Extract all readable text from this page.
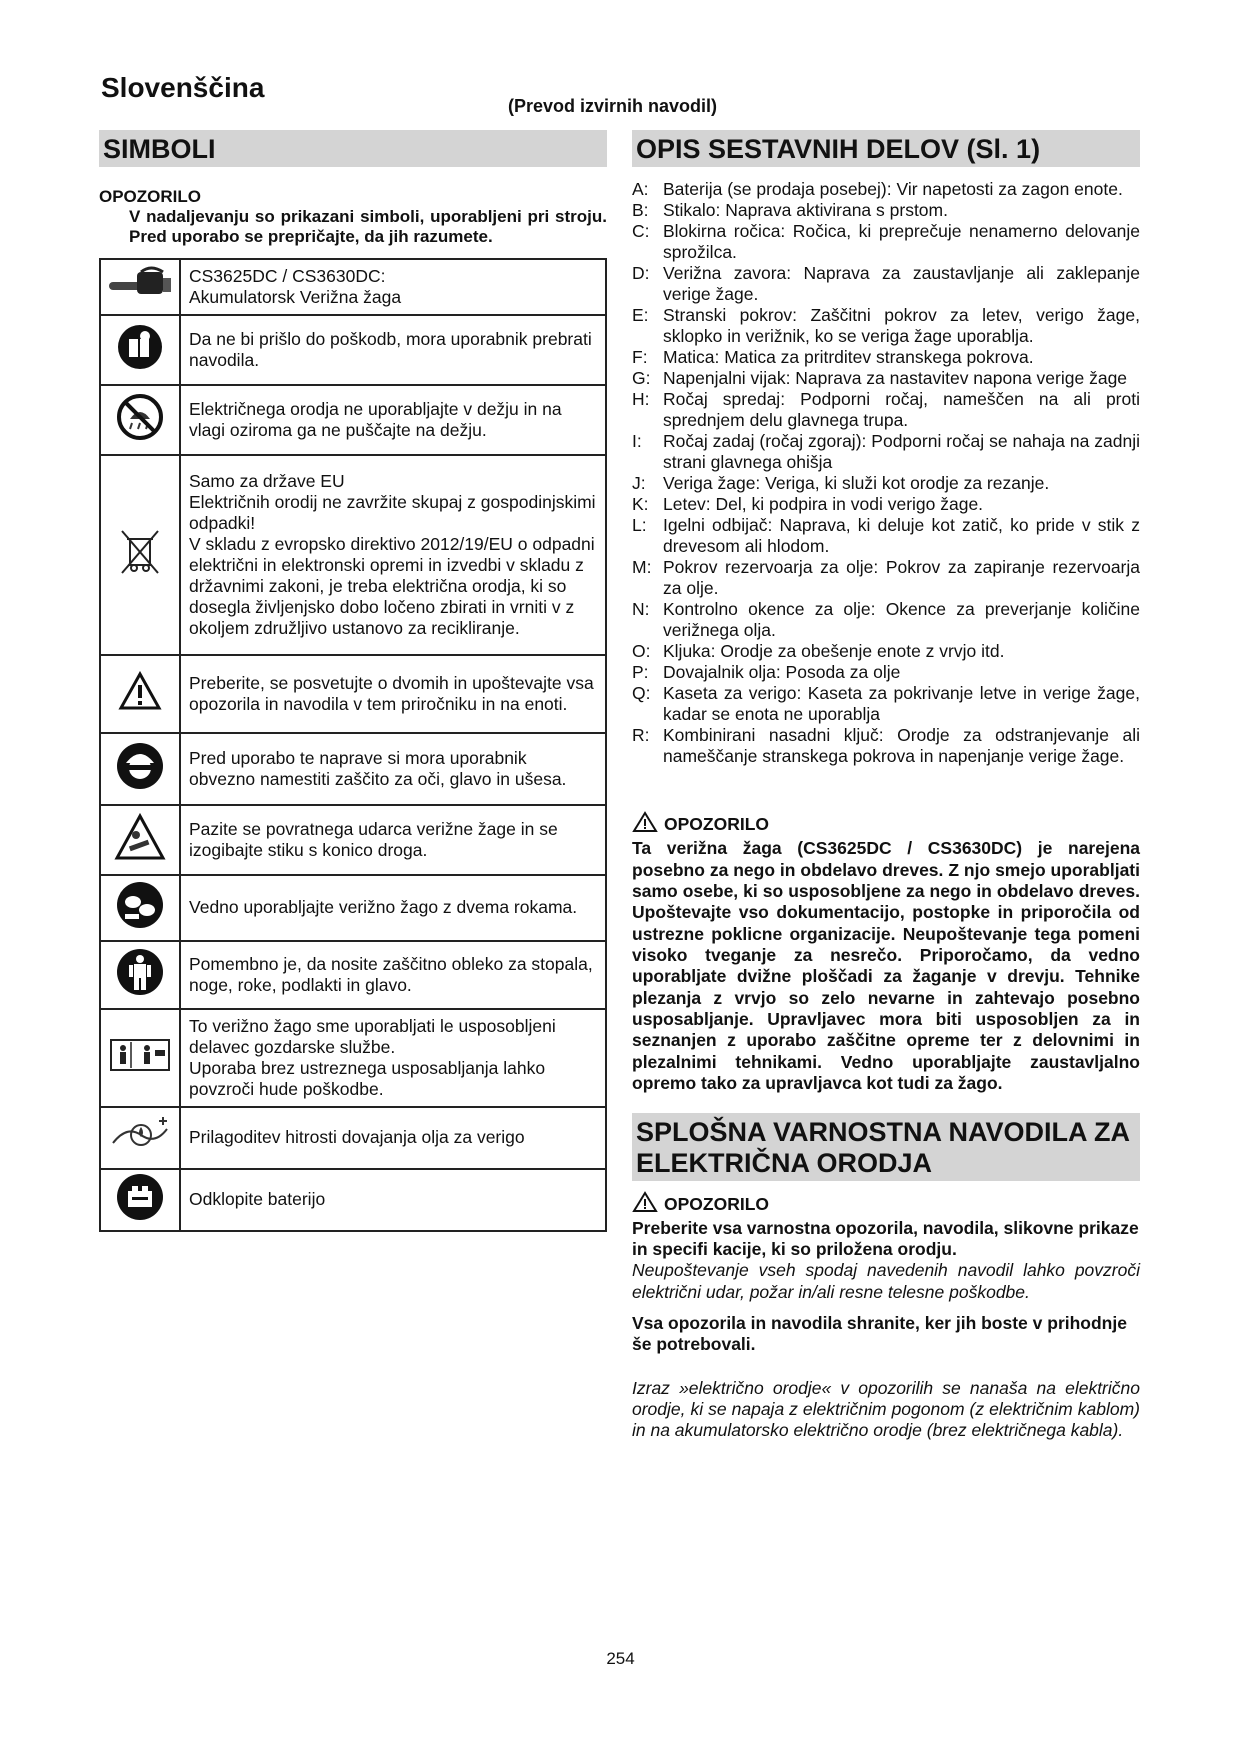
Slovenščina
(Prevod izvirnih navodil)
SIMBOLI
OPOZORILO
V nadaljevanju so prikazani simboli, uporabljeni pri stroju. Pred uporabo se prepričajte, da jih razumete.
	CS3625DC / CS3630DC:
Akumulatorsk Verižna žaga
	Da ne bi prišlo do poškodb, mora uporabnik prebrati navodila.
	Električnega orodja ne uporabljajte v dežju in na vlagi oziroma ga ne puščajte na dežju.
	Samo za države EU
Električnih orodij ne zavržite skupaj z gospodinjskimi odpadki!
V skladu z evropsko direktivo 2012/19/EU o odpadni električni in elektronski opremi in izvedbi v skladu z državnimi zakoni, je treba električna orodja, ki so dosegla življenjsko dobo ločeno zbirati in vrniti v z okoljem združljivo ustanovo za recikliranje.
	Preberite, se posvetujte o dvomih in upoštevajte vsa opozorila in navodila v tem priročniku in na enoti.
	Pred uporabo te naprave si mora uporabnik obvezno namestiti zaščito za oči, glavo in ušesa.
	Pazite se povratnega udarca verižne žage in se izogibajte stiku s konico droga.
	Vedno uporabljajte verižno žago z dvema rokama.
	Pomembno je, da nosite zaščitno obleko za stopala, noge, roke, podlakti in glavo.
	To verižno žago sme uporabljati le usposobljeni delavec gozdarske službe.
Uporaba brez ustreznega usposabljanja lahko povzroči hude poškodbe.
	Prilagoditev hitrosti dovajanja olja za verigo
	Odklopite baterijo
OPIS SESTAVNIH DELOV (Sl. 1)
A: Baterija (se prodaja posebej): Vir napetosti za zagon enote.
B: Stikalo: Naprava aktivirana s prstom.
C: Blokirna ročica: Ročica, ki preprečuje nenamerno delovanje sprožilca.
D: Verižna zavora: Naprava za zaustavljanje ali zaklepanje verige žage.
E: Stranski pokrov: Zaščitni pokrov za letev, verigo žage, sklopko in verižnik, ko se veriga žage uporablja.
F: Matica: Matica za pritrditev stranskega pokrova.
G: Napenjalni vijak: Naprava za nastavitev napona verige žage
H: Ročaj spredaj: Podporni ročaj, nameščen na ali proti sprednjem delu glavnega trupa.
I:	Ročaj zadaj (ročaj zgoraj): Podporni ročaj se nahaja na zadnji strani glavnega ohišja
J: Veriga žage: Veriga, ki služi kot orodje za rezanje.
K: Letev: Del, ki podpira in vodi verigo žage.
L: Igelni odbijač: Naprava, ki deluje kot zatič, ko pride v stik z drevesom ali hlodom.
M: Pokrov rezervoarja za olje: Pokrov za zapiranje rezervoarja za olje.
N: Kontrolno okence za olje: Okence za preverjanje količine verižnega olja.
O: Kljuka: Orodje za obešenje enote z vrvjo itd.
P: Dovajalnik olja: Posoda za olje
Q: Kaseta za verigo: Kaseta za pokrivanje letve in verige žage, kadar se enota ne uporablja
R: Kombinirani nasadni ključ: Orodje za odstranjevanje ali nameščanje stranskega pokrova in napenjanje verige žage.
OPOZORILO
Ta verižna žaga (CS3625DC / CS3630DC) je narejena posebno za nego in obdelavo dreves. Z njo smejo uporabljati samo osebe, ki so usposobljene za nego in obdelavo dreves. Upoštevajte vso dokumentacijo, postopke in priporočila od ustrezne poklicne organizacije. Neupoštevanje tega pomeni visoko tveganje za nesrečo. Priporočamo, da vedno uporabljate dvižne ploščadi za žaganje v drevju. Tehnike plezanja z vrvjo so zelo nevarne in zahtevajo posebno usposabljanje. Upravljavec mora biti usposobljen za in seznanjen z uporabo zaščitne opreme ter z delovnimi in plezalnimi tehnikami. Vedno uporabljajte zaustavljalno opremo tako za upravljavca kot tudi za žago.
SPLOŠNA VARNOSTNA NAVODILA ZA ELEKTRIČNA ORODJA
OPOZORILO
Preberite vsa varnostna opozorila, navodila, slikovne prikaze in specifi kacije, ki so priložena orodju.
Neupoštevanje vseh spodaj navedenih navodil lahko povzroči električni udar, požar in/ali resne telesne poškodbe.
Vsa opozorila in navodila shranite, ker jih boste v prihodnje še potrebovali.
Izraz »električno orodje« v opozorilih se nanaša na električno orodje, ki se napaja z električnim pogonom (z električnim kablom) in na akumulatorsko električno orodje (brez električnega kabla).
254
